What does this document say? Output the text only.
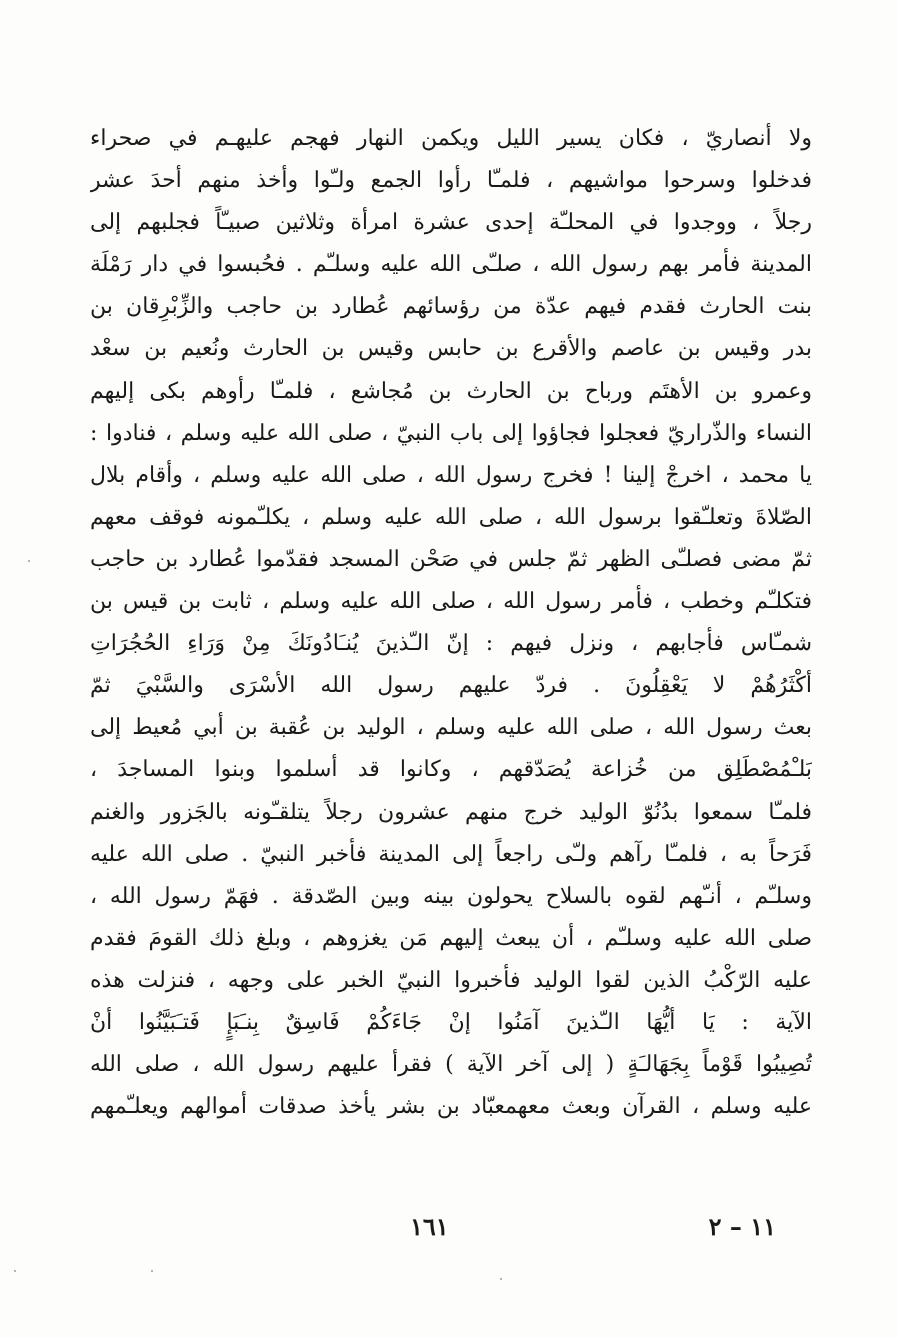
ولا أنصاريّ ، فكان يسير الليل ويكمن النهار فهجم عليهـم في صحراء
فدخلوا وسرحوا مواشيهم ، فلمـّا رأوا الجمع ولـّوا وأخذ منهم أحدَ عشر
رجلاً ، ووجدوا في المحلـّة إحدى عشرة امرأة وثلاثين صبيـّاً فجلبهم إلى
المدينة فأمر بهم رسول الله ، صلـّى الله عليه وسلـّم . فحُبسوا في دار رَمْلَة
بنت الحارث فقدم فيهم عدّة من رؤسائهم عُطارد بن حاجب والزِّبْرِقان بن
بدر وقيس بن عاصم والأقرع بن حابس وقيس بن الحارث ونُعيم بن سعْد
وعمرو بن الأهتَم ورباح بن الحارث بن مُجاشع ، فلمـّا رأوهم بكى إليهم
النساء والذّراريّ فعجلوا فجاؤوا إلى باب النبيّ ، صلى الله عليه وسلم ، فنادوا :
يا محمد ، اخرجْ إلينا ! فخرج رسول الله ، صلى الله عليه وسلم ، وأقام بلال
الصّلاةَ وتعلـّقوا برسول الله ، صلى الله عليه وسلم ، يكلـّمونه فوقف معهم
ثمّ مضى فصلـّى الظهر ثمّ جلس في صَحْن المسجد فقدّموا عُطارد بن حاجب
فتكلـّم وخطب ، فأمر رسول الله ، صلى الله عليه وسلم ، ثابت بن قيس بن
شمـّاس فأجابهم ، ونزل فيهم : إنّ الـّذينَ يُنـَادُونَكَ مِنْ وَرَاءِ الحُجُرَاتِ
أكْثَرُهُمْ لا يَعْقِلُونَ . فردّ عليهم رسول الله الأسْرَى والسَّبْيَ ثمّ
بعث رسول الله ، صلى الله عليه وسلم ، الوليد بن عُقبة بن أبي مُعيط إلى
بَلـْمُصْطَلِق من خُزاعة يُصَدّقهم ، وكانوا قد أسلموا وبنوا المساجدَ ،
فلمـّا سمعوا بدُنُوّ الوليد خرج منهم عشرون رجلاً يتلقـّونه بالجَزور والغنم
فَرَحاً به ، فلمـّا رآهم ولـّى راجعاً إلى المدينة فأخبر النبيّ . صلى الله عليه
وسلـّم ، أنـّهم لقوه بالسلاح يحولون بينه وبين الصّدقة . فهَمّ رسول الله ،
صلى الله عليه وسلـّم ، أن يبعث إليهم مَن يغزوهم ، وبلغ ذلك القومَ فقدم
عليه الرّكْبُ الذين لقوا الوليد فأخبروا النبيّ الخبر على وجهه ، فنزلت هذه
الآية : يَا أيُّهَا الـّذينَ آمَنُوا إنْ جَاءَكُمْ فَاسِقٌ بِنـَبَإٍ فَتـَبَيَّنُوا أنْ
تُصِيبُوا قَوْماً بِجَهَالـَةٍ ( إلى آخر الآية ) فقرأ عليهم رسول الله ، صلى الله
عليه وسلم ، القرآن وبعث معهمعبّاد بن بشر يأخذ صدقات أموالهم ويعلـّمهم
١١ – ٢
١٦١
